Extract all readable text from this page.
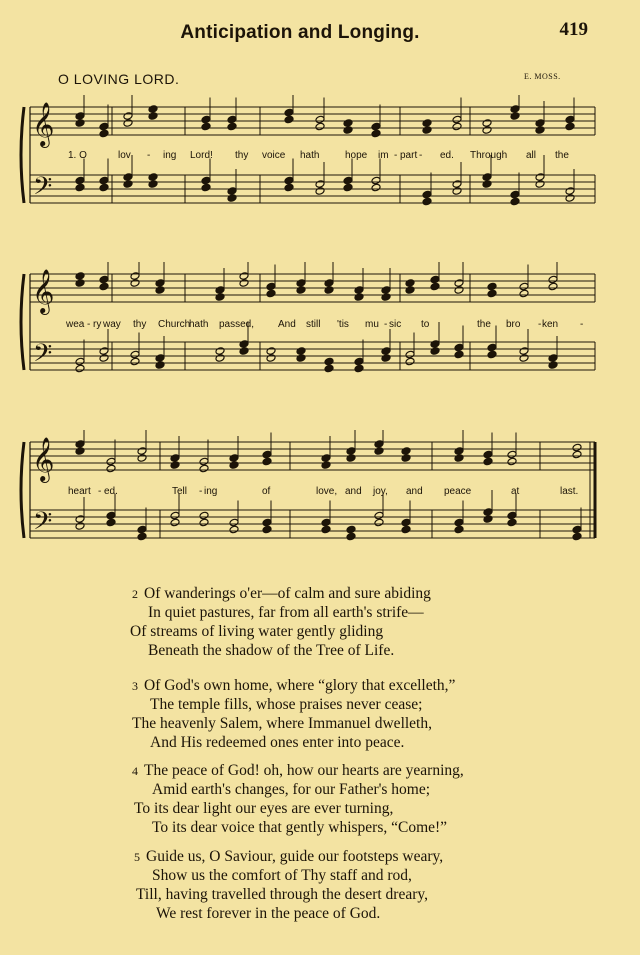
Anticipation and Longing.	419
O LOVING LORD.	E. MOSS.
𝄞
𝄢
1. O	lov - ing Lord! thy voice hath	hope im - part - ed. Through all the
𝄞
𝄢
wea - ry way thy Church
hath passed, And still 'tis mu - sic to	the bro - ken -
𝄞
𝄢
heart - ed.	Tell - ing	of	love, and joy, and peace	at	last.
2 Of wanderings o'er—of calm and sure abiding
In quiet pastures, far from all earth's strife—
Of streams of living water gently gliding
Beneath the shadow of the Tree of Life.
3 Of God's own home, where “glory that excelleth,”
The temple fills, whose praises never cease;
The heavenly Salem, where Immanuel dwelleth,
And His redeemed ones enter into peace.
4 The peace of God! oh, how our hearts are yearning,
Amid earth's changes, for our Father's home;
To its dear light our eyes are ever turning,
To its dear voice that gently whispers, “Come!”
5 Guide us, O Saviour, guide our footsteps weary,
Show us the comfort of Thy staff and rod,
Till, having travelled through the desert dreary,
We rest forever in the peace of God.
